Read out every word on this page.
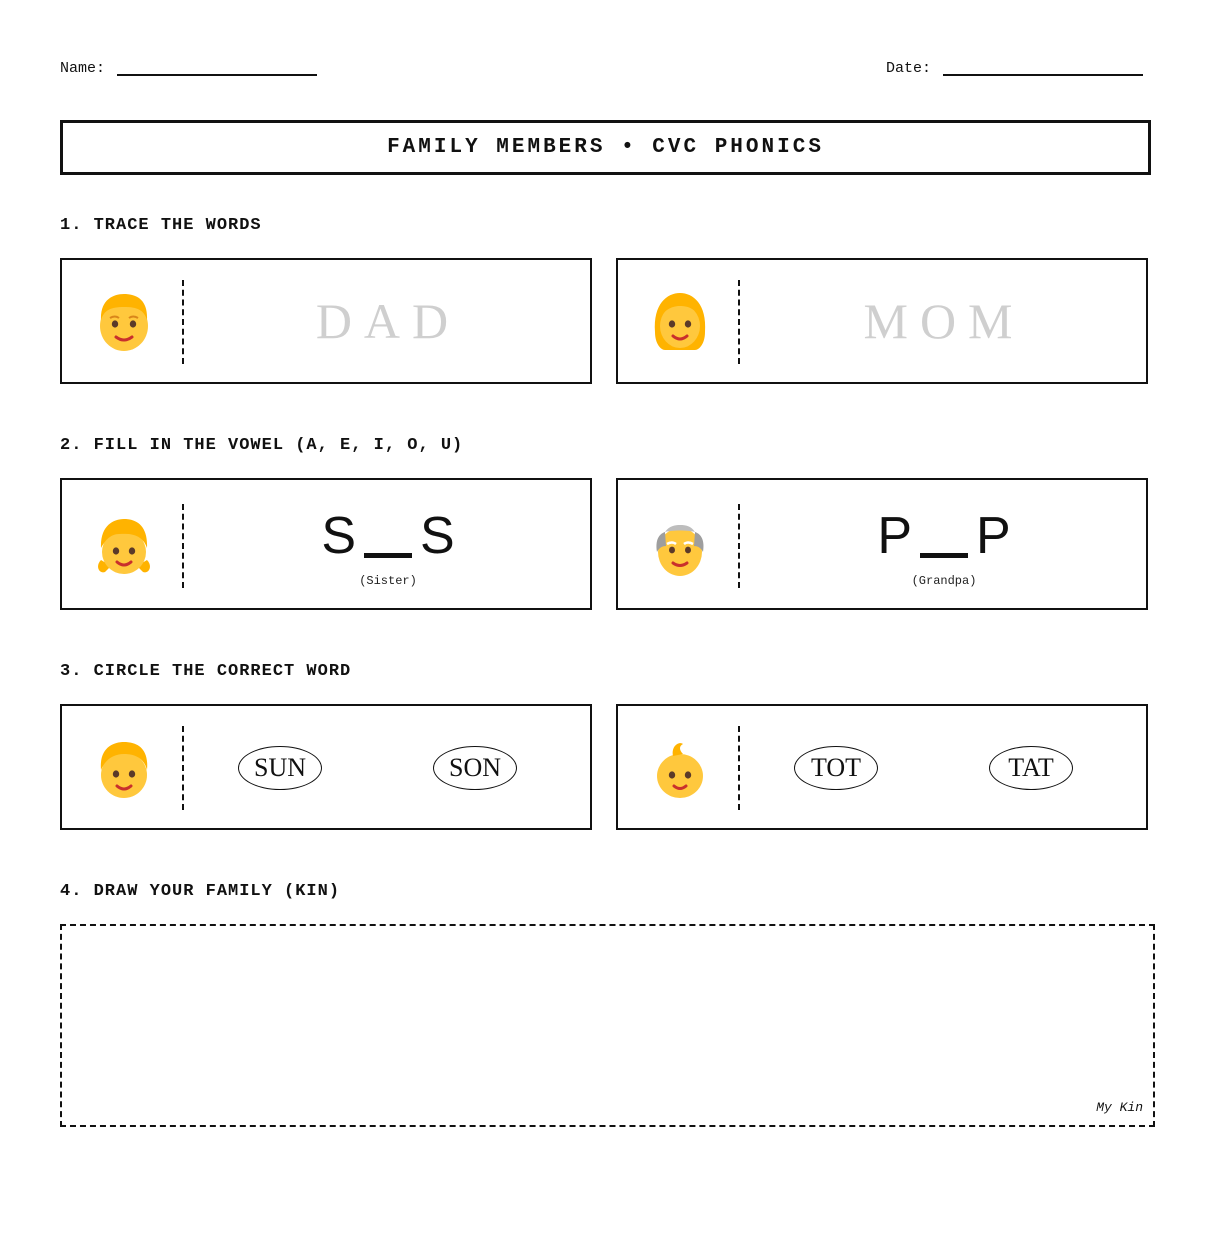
Name:	Date:
FAMILY MEMBERS • CVC PHONICS
1. TRACE THE WORDS
DAD	MOM
2. FILL IN THE VOWEL (A, E, I, O, U)
S S
(Sister)
P P
(Grandpa)
3. CIRCLE THE CORRECT WORD
SUN	SON	TOT	TAT
4. DRAW YOUR FAMILY (KIN)
My Kin
